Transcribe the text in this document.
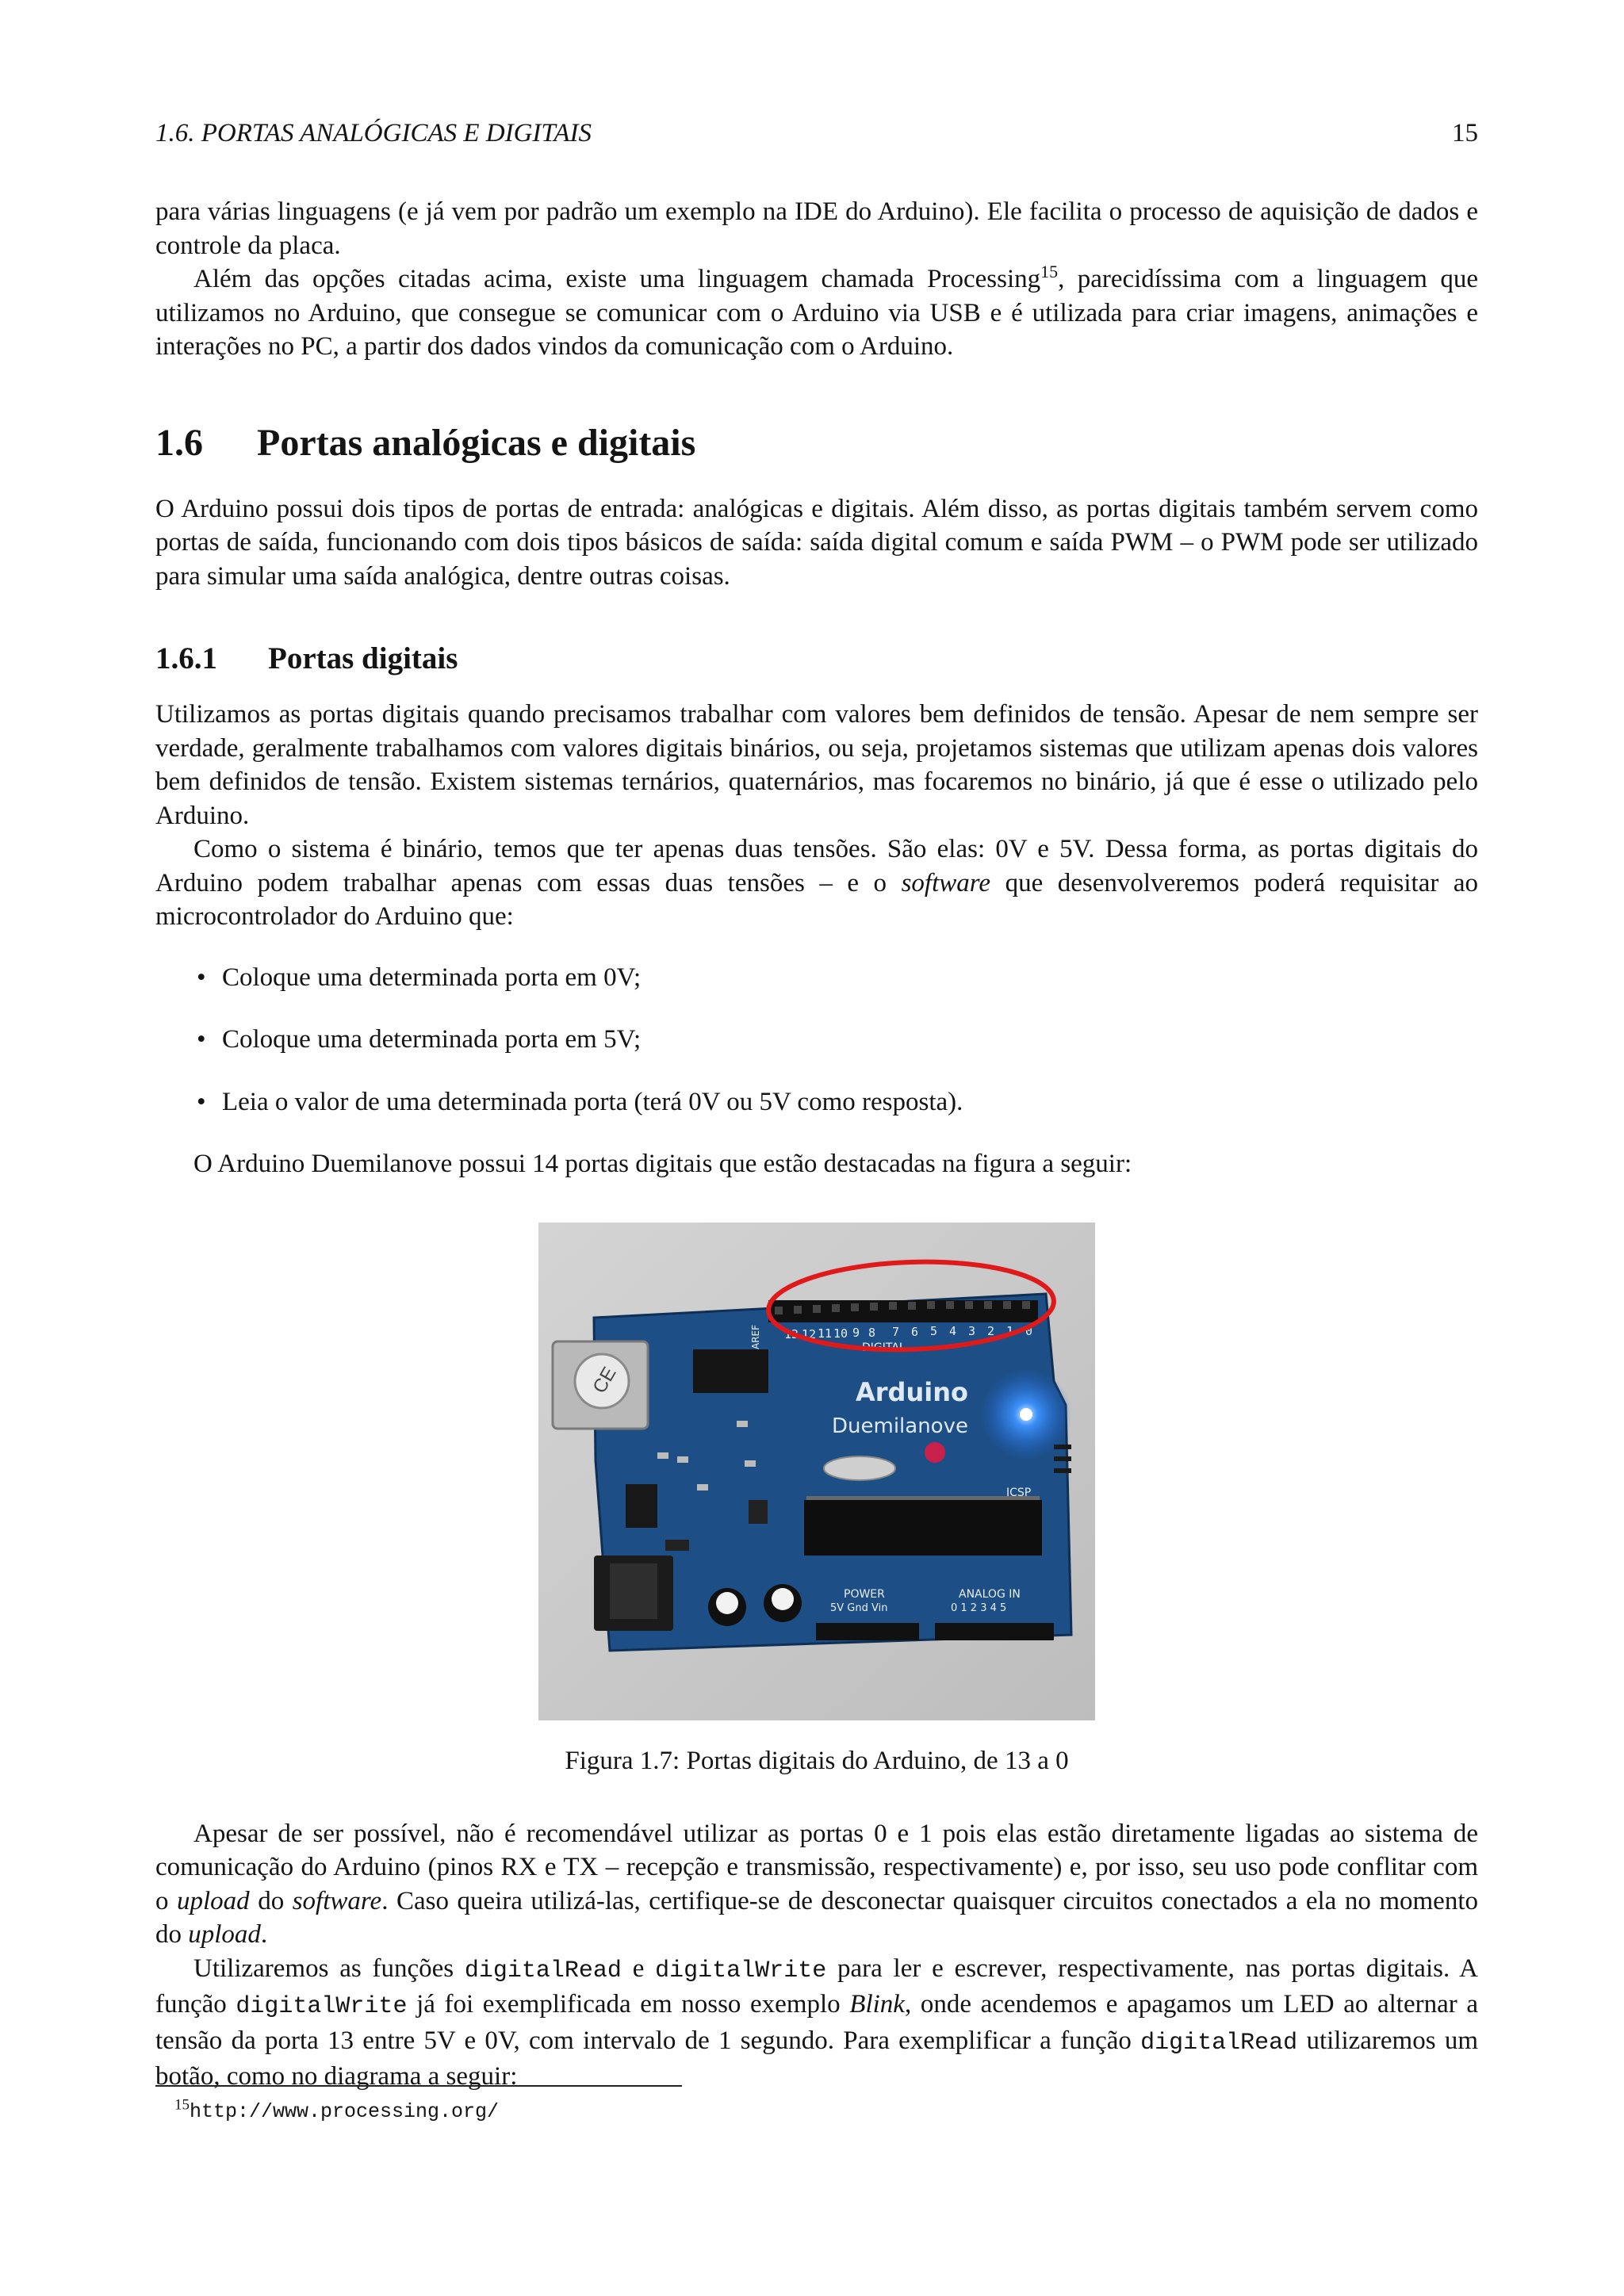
1.6. PORTAS ANALÓGICAS E DIGITAIS	15

para várias linguagens (e já vem por padrão um exemplo na IDE do Arduino). Ele facilita o processo de aquisição de dados e controle da placa.

Além das opções citadas acima, existe uma linguagem chamada Processing$^{15}$, parecidíssima com a linguagem que utilizamos no Arduino, que consegue se comunicar com o Arduino via USB e é utilizada para criar imagens, animações e interações no PC, a partir dos dados vindos da comunicação com o Arduino.

1.6 Portas analógicas e digitais

O Arduino possui dois tipos de portas de entrada: analógicas e digitais. Além disso, as portas digitais também servem como portas de saída, funcionando com dois tipos básicos de saída: saída digital comum e saída PWM – o PWM pode ser utilizado para simular uma saída analógica, dentre outras coisas.

1.6.1 Portas digitais

Utilizamos as portas digitais quando precisamos trabalhar com valores bem definidos de tensão. Apesar de nem sempre ser verdade, geralmente trabalhamos com valores digitais binários, ou seja, projetamos sistemas que utilizam apenas dois valores bem definidos de tensão. Existem sistemas ternários, quaternários, mas focaremos no binário, já que é esse o utilizado pelo Arduino.

Como o sistema é binário, temos que ter apenas duas tensões. São elas: 0V e 5V. Dessa forma, as portas digitais do Arduino podem trabalhar apenas com essas duas tensões – e o software que desenvolveremos poderá requisitar ao microcontrolador do Arduino que:

• Coloque uma determinada porta em 0V;
• Coloque uma determinada porta em 5V;
• Leia o valor de uma determinada porta (terá 0V ou 5V como resposta).

O Arduino Duemilanove possui 14 portas digitais que estão destacadas na figura a seguir:

CE
13 12 11 10 9 8 7 6 5 4 3 2 1 0
DIGITAL
AREF
Arduino
Duemilanove
ICSP
POWER
5V Gnd Vin
ANALOG IN
0 1 2 3 4 5
Figura 1.7: Portas digitais do Arduino, de 13 a 0

Apesar de ser possível, não é recomendável utilizar as portas 0 e 1 pois elas estão diretamente ligadas ao sistema de comunicação do Arduino (pinos RX e TX – recepção e transmissão, respectivamente) e, por isso, seu uso pode conflitar com o upload do software. Caso queira utilizá-las, certifique-se de desconectar quaisquer circuitos conectados a ela no momento do upload.

Utilizaremos as funções digitalRead e digitalWrite para ler e escrever, respectivamente, nas portas digitais. A função digitalWrite já foi exemplificada em nosso exemplo Blink, onde acendemos e apagamos um LED ao alternar a tensão da porta 13 entre 5V e 0V, com intervalo de 1 segundo. Para exemplificar a função digitalRead utilizaremos um botão, como no diagrama a seguir:

$^{15}$http://www.processing.org/
